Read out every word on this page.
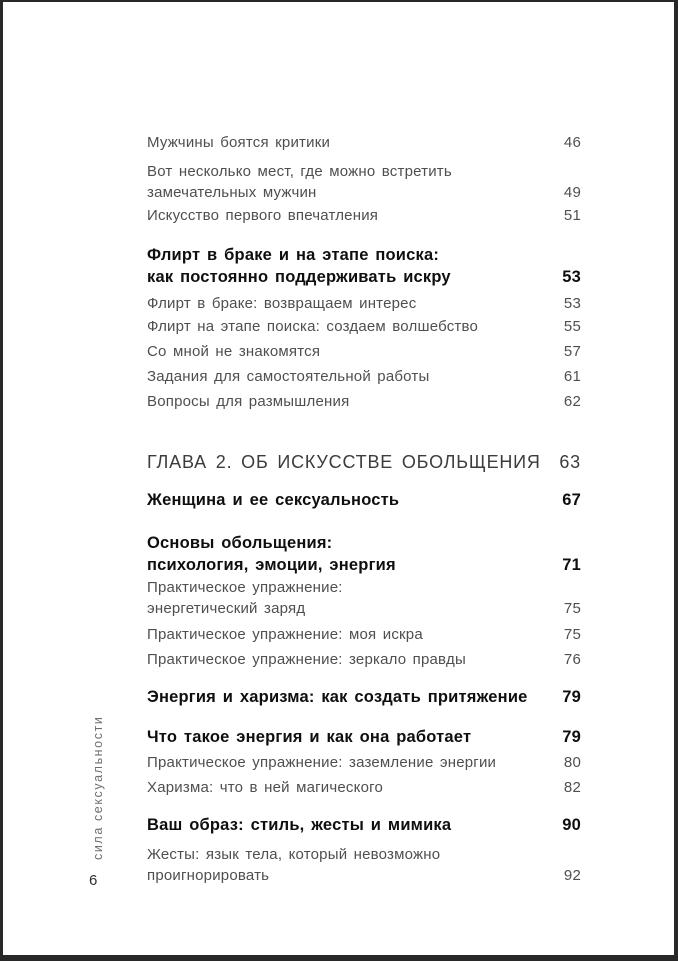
Мужчины боятся критики	46
Вот несколько мест, где можно встретить
замечательных мужчин	49
Искусство первого впечатления	51
Флирт в браке и на этапе поиска:
как постоянно поддерживать искру	53
Флирт в браке: возвращаем интерес	53
Флирт на этапе поиска: создаем волшебство	55
Со мной не знакомятся	57
Задания для самостоятельной работы	61
Вопросы для размышления	62
ГЛАВА 2. ОБ ИСКУССТВЕ ОБОЛЬЩЕНИЯ 63
Женщина и ее сексуальность	67
Основы обольщения:
психология, эмоции, энергия	71
Практическое упражнение:
энергетический заряд	75
Практическое упражнение: моя искра	75
Практическое упражнение: зеркало правды	76
Энергия и харизма: как создать притяжение	79
Что такое энергия и как она работает	79
Практическое упражнение: заземление энергии	80
Харизма: что в ней магического	82
Ваш образ: стиль, жесты и мимика	90
Жесты: язык тела, который невозможно проигнорировать	92
сила сексуальности
6
